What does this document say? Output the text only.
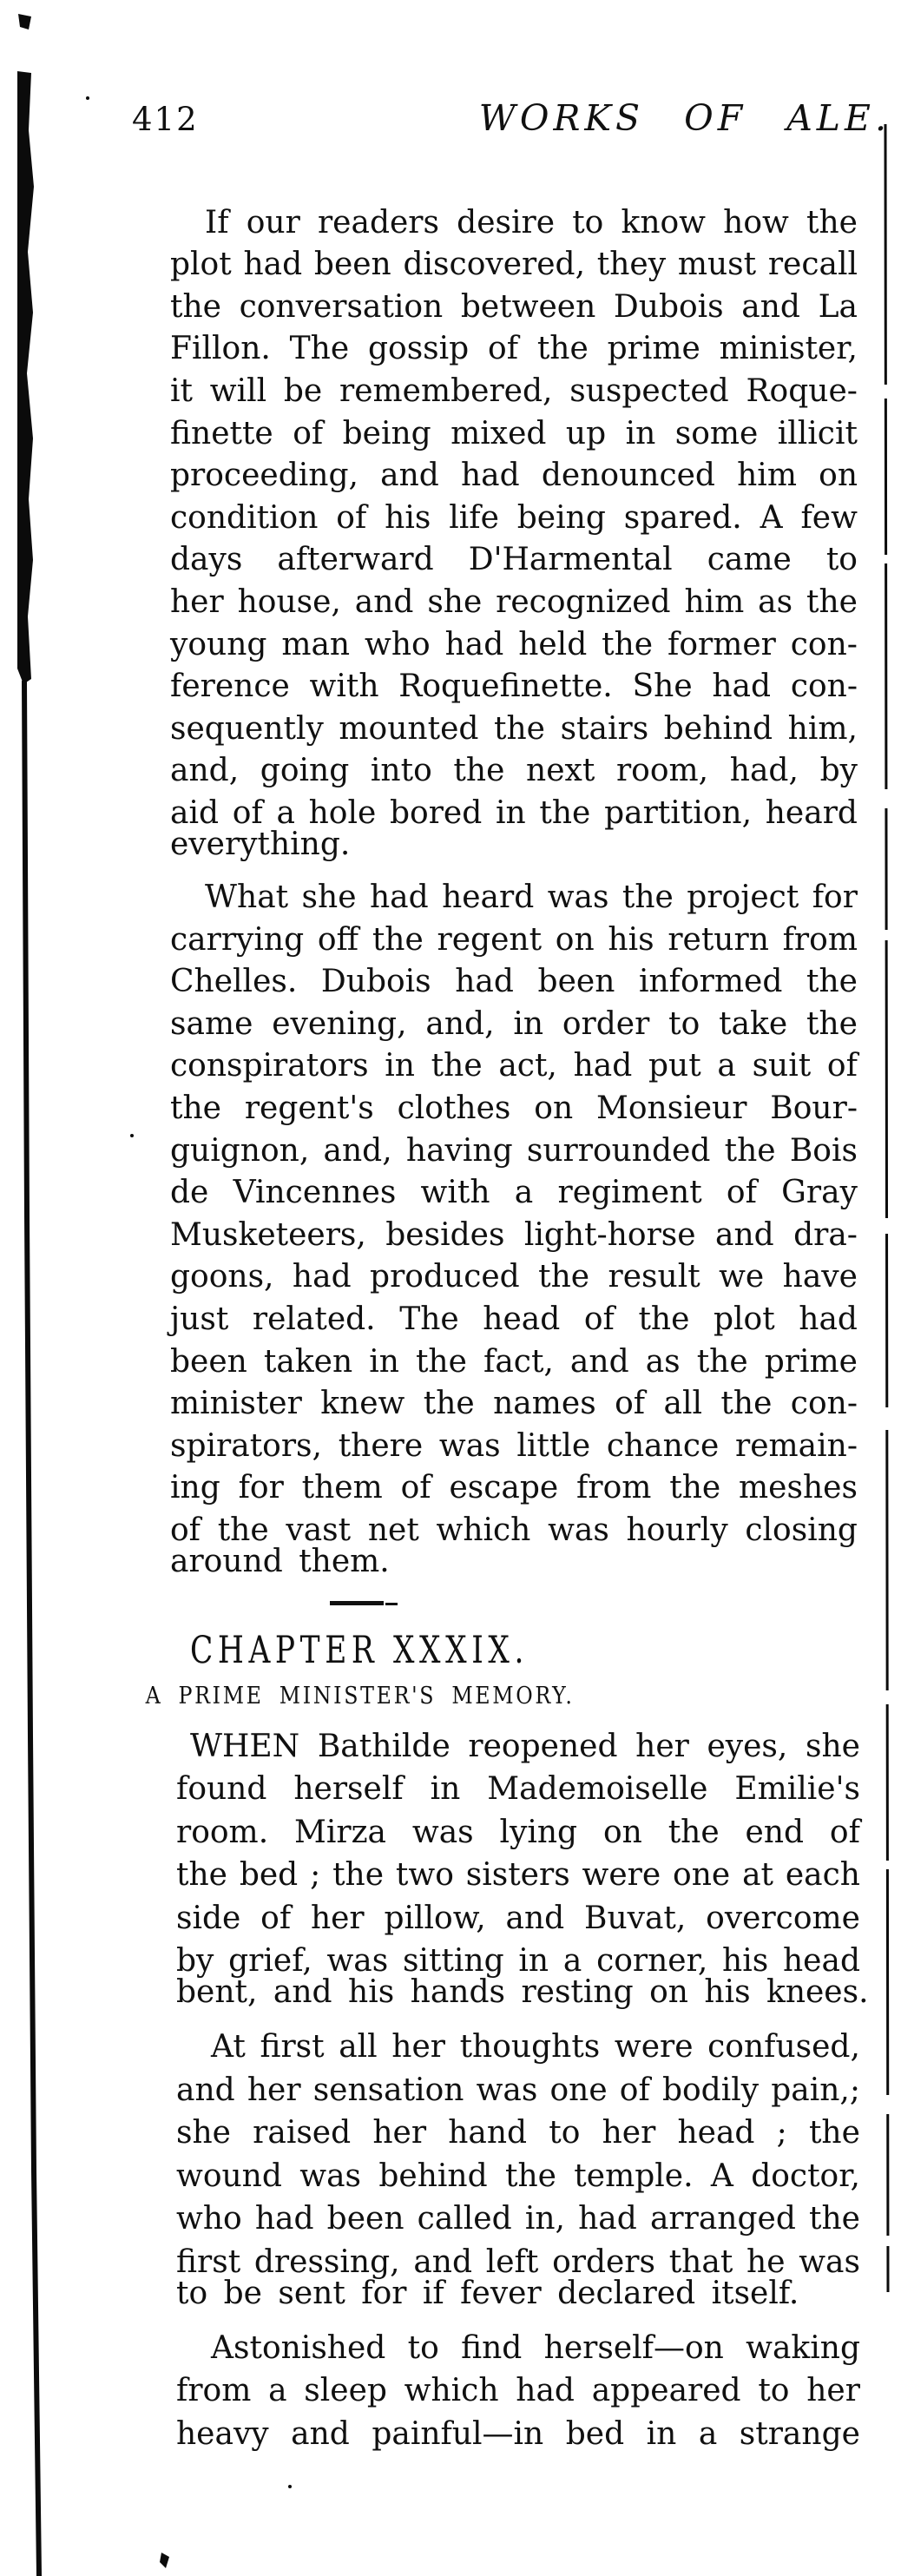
412	WORKS OF ALE.
If our readers desire to know how the
plot had been discovered, they must recall
the conversation between Dubois and La
Fillon. The gossip of the prime minister,
it will be remembered, suspected Roque-
finette of being mixed up in some illicit
proceeding, and had denounced him on
condition of his life being spared. A few
days afterward D'Harmental came to
her house, and she recognized him as the
young man who had held the former con-
ference with Roquefinette. She had con-
sequently mounted the stairs behind him,
and, going into the next room, had, by
aid of a hole bored in the partition, heard
everything.
What she had heard was the project for
carrying off the regent on his return from
Chelles. Dubois had been informed the
same evening, and, in order to take the
conspirators in the act, had put a suit of
the regent's clothes on Monsieur Bour-
guignon, and, having surrounded the Bois
de Vincennes with a regiment of Gray
Musketeers, besides light-horse and dra-
goons, had produced the result we have
just related. The head of the plot had
been taken in the fact, and as the prime
minister knew the names of all the con-
spirators, there was little chance remain-
ing for them of escape from the meshes
of the vast net which was hourly closing
around them.
CHAPTER XXXIX.
A PRIME MINISTER'S MEMORY.
WHEN Bathilde reopened her eyes, she
found herself in Mademoiselle Emilie's
room. Mirza was lying on the end of
the bed ; the two sisters were one at each
side of her pillow, and Buvat, overcome
by grief, was sitting in a corner, his head
bent, and his hands resting on his knees.
At first all her thoughts were confused,
and her sensation was one of bodily pain,;
she raised her hand to her head ; the
wound was behind the temple. A doctor,
who had been called in, had arranged the
first dressing, and left orders that he was
to be sent for if fever declared itself.
Astonished to find herself—on waking
from a sleep which had appeared to her
heavy and painful—in bed in a strange
